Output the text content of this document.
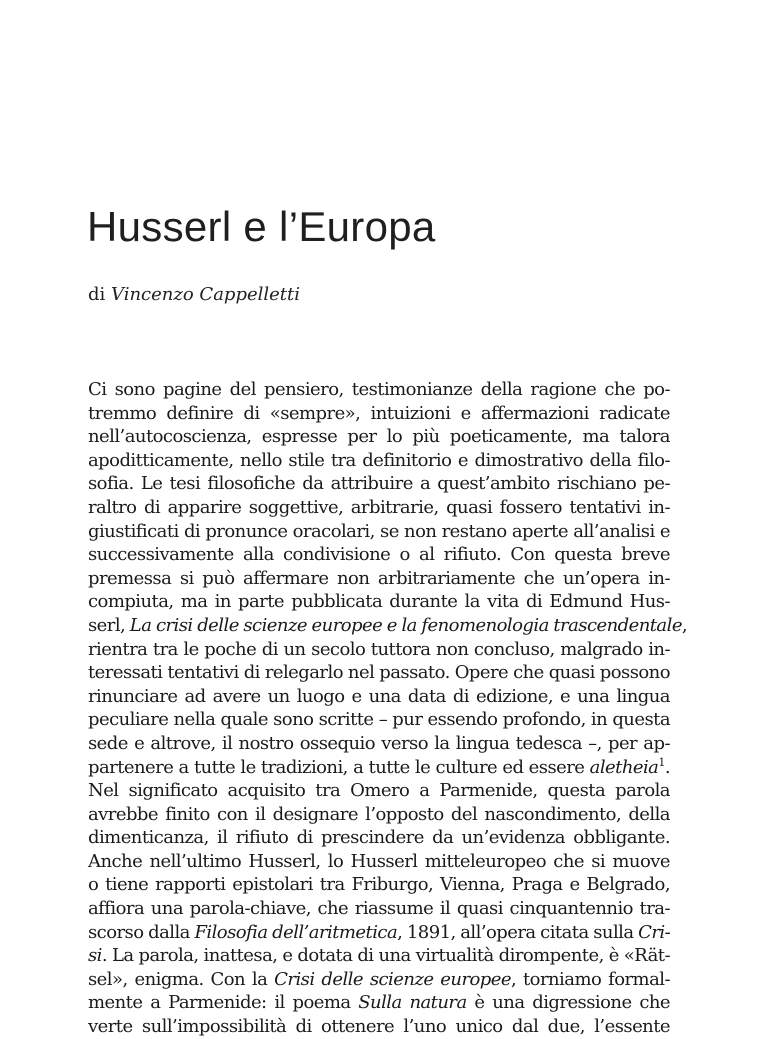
Husserl e l’Europa

di Vincenzo Cappelletti

Ci sono pagine del pensiero, testimonianze della ragione che po-
tremmo definire di «sempre», intuizioni e affermazioni radicate
nell’autocoscienza, espresse per lo più poeticamente, ma talora
apoditticamente, nello stile tra definitorio e dimostrativo della filo-
sofia. Le tesi filosofiche da attribuire a quest’ambito rischiano pe-
raltro di apparire soggettive, arbitrarie, quasi fossero tentativi in-
giustificati di pronunce oracolari, se non restano aperte all’analisi e
successivamente alla condivisione o al rifiuto. Con questa breve
premessa si può affermare non arbitrariamente che un’opera in-
compiuta, ma in parte pubblicata durante la vita di Edmund Hus-
serl, La crisi delle scienze europee e la fenomenologia trascendentale,
rientra tra le poche di un secolo tuttora non concluso, malgrado in-
teressati tentativi di relegarlo nel passato. Opere che quasi possono
rinunciare ad avere un luogo e una data di edizione, e una lingua
peculiare nella quale sono scritte – pur essendo profondo, in questa
sede e altrove, il nostro ossequio verso la lingua tedesca –, per ap-
partenere a tutte le tradizioni, a tutte le culture ed essere aletheia$^1$.
Nel significato acquisito tra Omero a Parmenide, questa parola
avrebbe finito con il designare l’opposto del nascondimento, della
dimenticanza, il rifiuto di prescindere da un’evidenza obbligante.
Anche nell’ultimo Husserl, lo Husserl mitteleuropeo che si muove
o tiene rapporti epistolari tra Friburgo, Vienna, Praga e Belgrado,
affiora una parola-chiave, che riassume il quasi cinquantennio tra-
scorso dalla Filosofia dell’aritmetica, 1891, all’opera citata sulla Cri-
si. La parola, inattesa, e dotata di una virtualità dirompente, è «Rät-
sel», enigma. Con la Crisi delle scienze europee, torniamo formal-
mente a Parmenide: il poema Sulla natura è una digressione che
verte sull’impossibilità di ottenere l’uno unico dal due, l’essente
